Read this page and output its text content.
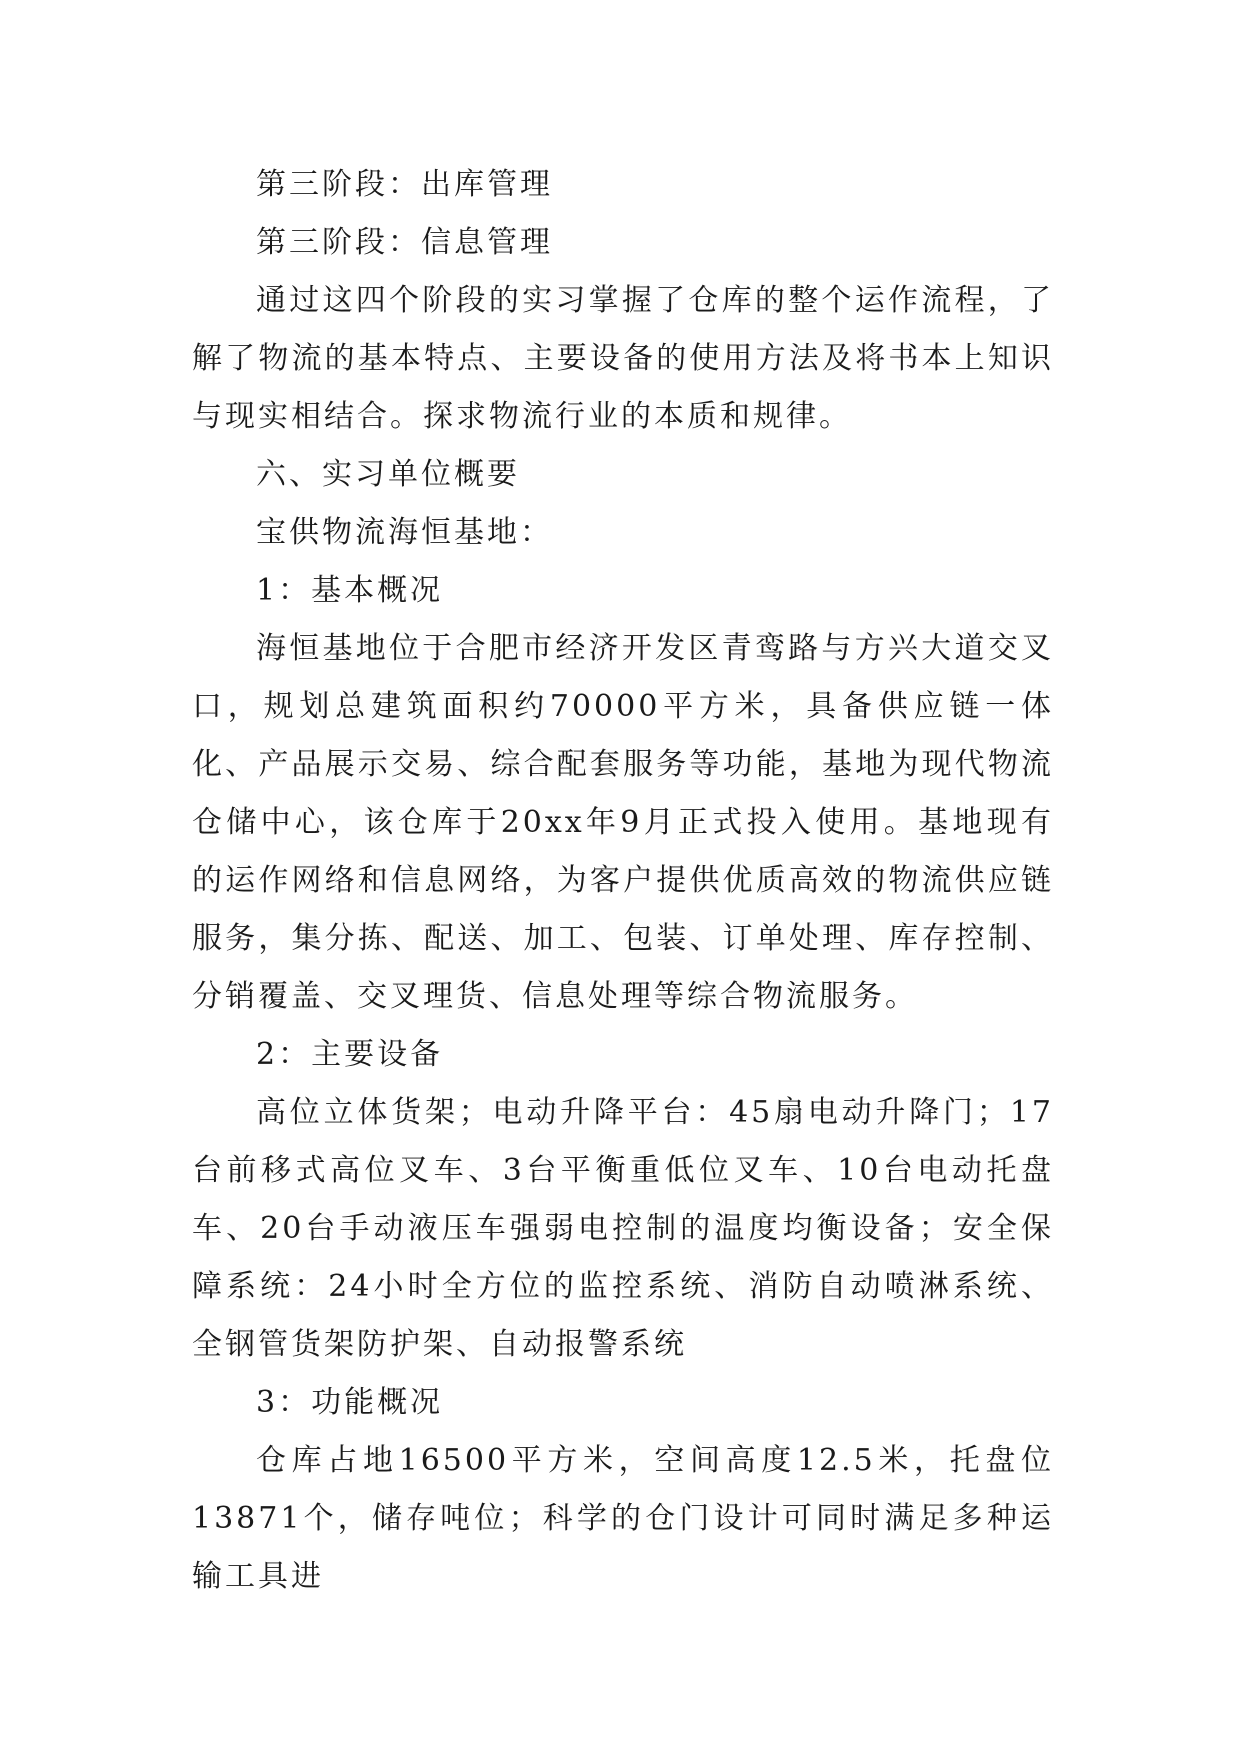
第三阶段：出库管理

第三阶段：信息管理

通过这四个阶段的实习掌握了仓库的整个运作流程，了解了物流的基本特点、主要设备的使用方法及将书本上知识与现实相结合。探求物流行业的本质和规律。

六、实习单位概要

宝供物流海恒基地：

1：基本概况

海恒基地位于合肥市经济开发区青鸾路与方兴大道交叉口，规划总建筑面积约70000平方米，具备供应链一体化、产品展示交易、综合配套服务等功能，基地为现代物流仓储中心，该仓库于20xx年9月正式投入使用。基地现有的运作网络和信息网络，为客户提供优质高效的物流供应链服务，集分拣、配送、加工、包装、订单处理、库存控制、分销覆盖、交叉理货、信息处理等综合物流服务。

2：主要设备

高位立体货架；电动升降平台：45扇电动升降门；17台前移式高位叉车、3台平衡重低位叉车、10台电动托盘车、20台手动液压车强弱电控制的温度均衡设备；安全保障系统：24小时全方位的监控系统、消防自动喷淋系统、全钢管货架防护架、自动报警系统

3：功能概况

仓库占地16500平方米，空间高度12.5米，托盘位13871个，储存吨位；科学的仓门设计可同时满足多种运输工具进
